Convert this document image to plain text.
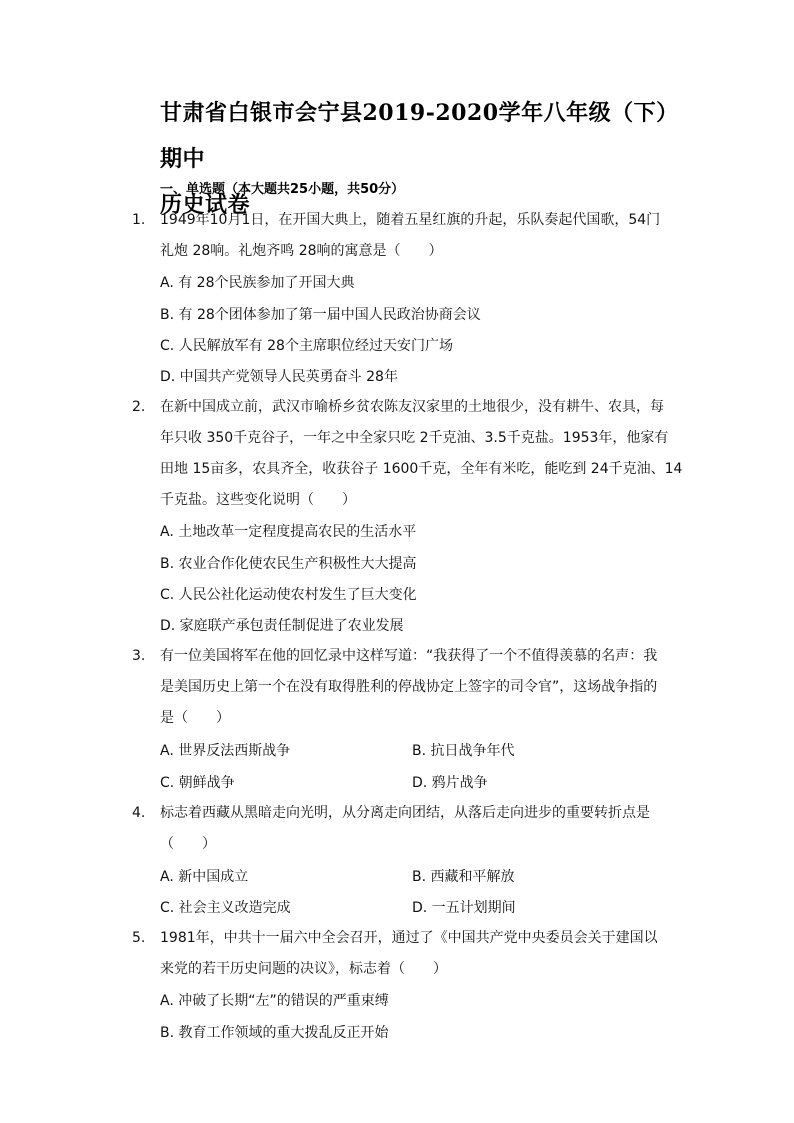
甘肃省白银市会宁县2019-2020学年八年级（下）期中
历史试卷
一、单选题（本大题共25小题，共50分）
1.	1949年10月1日，在开国大典上，随着五星红旗的升起，乐队奏起代国歌，54门
礼炮 28响。礼炮齐鸣 28响的寓意是（　　）
A. 有 28个民族参加了开国大典
B. 有 28个团体参加了第一届中国人民政治协商会议
C. 人民解放军有 28个主席职位经过天安门广场
D. 中国共产党领导人民英勇奋斗 28年
2.	在新中国成立前，武汉市喻桥乡贫农陈友汉家里的土地很少，没有耕牛、农具，每
年只收 350千克谷子，一年之中全家只吃 2千克油、3.5千克盐。1953年，他家有
田地 15亩多，农具齐全，收获谷子 1600千克，全年有米吃，能吃到 24千克油、14
千克盐。这些变化说明（　　）
A. 土地改革一定程度提高农民的生活水平
B. 农业合作化使农民生产积极性大大提高
C. 人民公社化运动使农村发生了巨大变化
D. 家庭联产承包责任制促进了农业发展
3.	有一位美国将军在他的回忆录中这样写道：“我获得了一个不值得羡慕的名声：我
是美国历史上第一个在没有取得胜利的停战协定上签字的司令官”，这场战争指的
是（　　）
A. 世界反法西斯战争	B. 抗日战争年代
C. 朝鲜战争	D. 鸦片战争
4.	标志着西藏从黑暗走向光明，从分离走向团结，从落后走向进步的重要转折点是
（　　）
A. 新中国成立	B. 西藏和平解放
C. 社会主义改造完成	D. 一五计划期间
5.	1981年，中共十一届六中全会召开，通过了《中国共产党中央委员会关于建国以
来党的若干历史问题的决议》，标志着（　　）
A. 冲破了长期“左”的错误的严重束缚
B. 教育工作领域的重大拨乱反正开始
